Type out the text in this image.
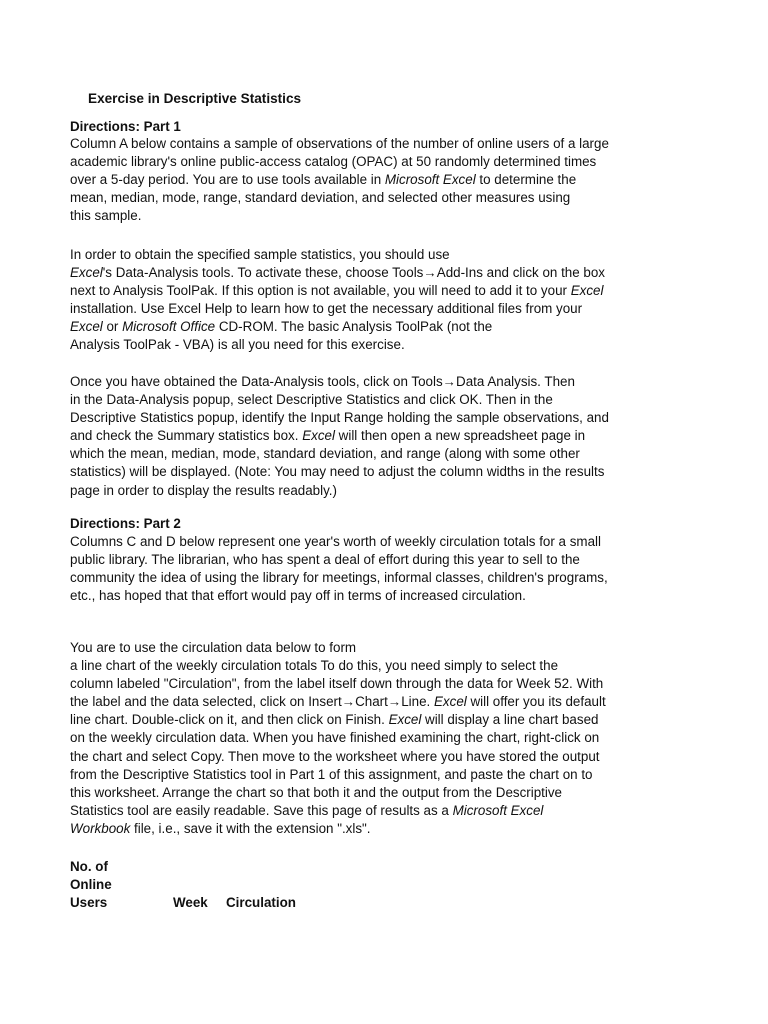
Exercise in Descriptive Statistics
Directions: Part 1
Column A below contains a sample of observations of the number of online users of a large
academic library's online public-access catalog (OPAC) at 50 randomly determined times
over a 5-day period. You are to use tools available in Microsoft Excel to determine the
mean, median, mode, range, standard deviation, and selected other measures using
this sample.
In order to obtain the specified sample statistics, you should use
Excel's Data-Analysis tools. To activate these, choose Tools→Add-Ins and click on the box
next to Analysis ToolPak. If this option is not available, you will need to add it to your Excel
installation. Use Excel Help to learn how to get the necessary additional files from your
Excel or Microsoft Office CD-ROM. The basic Analysis ToolPak (not the
Analysis ToolPak - VBA) is all you need for this exercise.
Once you have obtained the Data-Analysis tools, click on Tools→Data Analysis. Then
in the Data-Analysis popup, select Descriptive Statistics and click OK. Then in the
Descriptive Statistics popup, identify the Input Range holding the sample observations, and
and check the Summary statistics box. Excel will then open a new spreadsheet page in
which the mean, median, mode, standard deviation, and range (along with some other
statistics) will be displayed. (Note: You may need to adjust the column widths in the results
page in order to display the results readably.)
Directions: Part 2
Columns C and D below represent one year's worth of weekly circulation totals for a small
public library. The librarian, who has spent a deal of effort during this year to sell to the
community the idea of using the library for meetings, informal classes, children's programs,
etc., has hoped that that effort would pay off in terms of increased circulation.
You are to use the circulation data below to form
a line chart of the weekly circulation totals To do this, you need simply to select the
column labeled "Circulation", from the label itself down through the data for Week 52. With
the label and the data selected, click on Insert→Chart→Line. Excel will offer you its default
line chart. Double-click on it, and then click on Finish. Excel will display a line chart based
on the weekly circulation data. When you have finished examining the chart, right-click on
the chart and select Copy. Then move to the worksheet where you have stored the output
from the Descriptive Statistics tool in Part 1 of this assignment, and paste the chart on to
this worksheet. Arrange the chart so that both it and the output from the Descriptive
Statistics tool are easily readable. Save this page of results as a Microsoft Excel
Workbook file, i.e., save it with the extension ".xls".
No. of
Online
Users	Week Circulation
